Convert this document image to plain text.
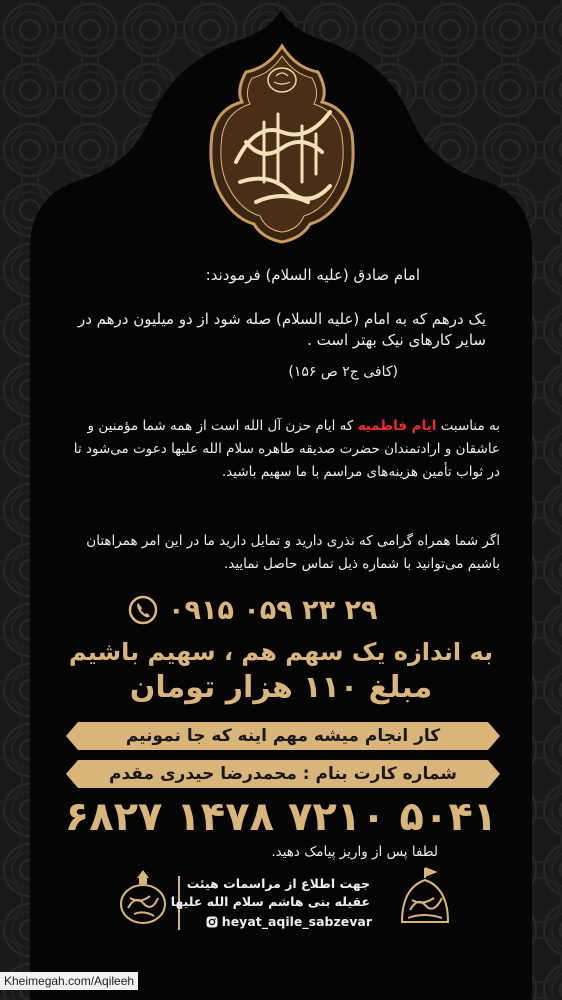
امام صادق (علیه السلام) فرمودند:
یک درهم که به امام (علیه السلام) صله شود از دو میلیون درهم در سایر کارهای نیک بهتر است .
(کافی ج۲ ص ۱۵۶)
به مناسبت ایام فاطمیه که ایام حزن آل الله است از همه شما مؤمنین و عاشقان و ارادتمندان حضرت صدیقه طاهره سلام الله علیها دعوت می‌شود تا در ثواب تأمین هزینه‌های مراسم با ما سهیم باشید.
اگر شما همراه گرامی که نذری دارید و تمایل دارید ما در این امر همراهتان باشیم می‌توانید با شماره ذیل تماس حاصل نمایید.
۰۹۱۵ ۰۵۹ ۲۳ ۲۹
به اندازه یک سهم هم ، سهیم باشیم
مبلغ ۱۱۰ هزار تومان
کار انجام میشه مهم اینه که جا نمونیم
شماره کارت بنام : محمدرضا حیدری مقدم
۶۸۲۷ ۱۴۷۸ ۷۲۱۰ ۵۰۴۱
لطفا پس از واریز پیامک دهید.
جهت اطلاع از مراسمات هیئت
عقیله بنی هاشم سلام الله علیها
heyat_aqile_sabzevar
Kheimegah.com/Aqileeh
